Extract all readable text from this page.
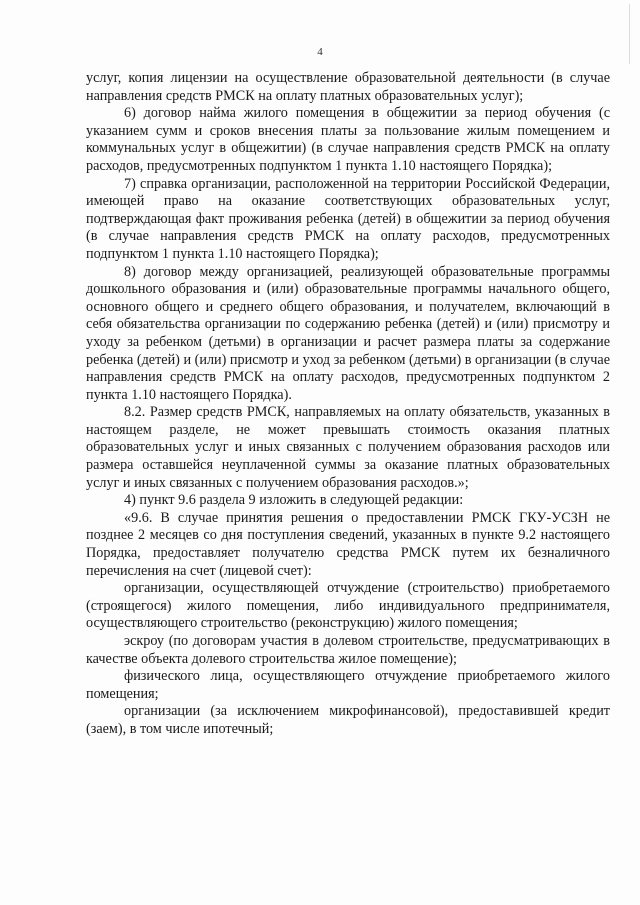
4

услуг, копия лицензии на осуществление образовательной деятельности (в случае направления средств РМСК на оплату платных образовательных услуг);

6) договор найма жилого помещения в общежитии за период обучения (с указанием сумм и сроков внесения платы за пользование жилым помещением и коммунальных услуг в общежитии) (в случае направления средств РМСК на оплату расходов, предусмотренных подпунктом 1 пункта 1.10 настоящего Порядка);

7) справка организации, расположенной на территории Российской Федерации, имеющей право на оказание соответствующих образовательных услуг, подтверждающая факт проживания ребенка (детей) в общежитии за период обучения (в случае направления средств РМСК на оплату расходов, предусмотренных подпунктом 1 пункта 1.10 настоящего Порядка);

8) договор между организацией, реализующей образовательные программы дошкольного образования и (или) образовательные программы начального общего, основного общего и среднего общего образования, и получателем, включающий в себя обязательства организации по содержанию ребенка (детей) и (или) присмотру и уходу за ребенком (детьми) в организации и расчет размера платы за содержание ребенка (детей) и (или) присмотр и уход за ребенком (детьми) в организации (в случае направления средств РМСК на оплату расходов, предусмотренных подпунктом 2 пункта 1.10 настоящего Порядка).

8.2. Размер средств РМСК, направляемых на оплату обязательств, указанных в настоящем разделе, не может превышать стоимость оказания платных образовательных услуг и иных связанных с получением образования расходов или размера оставшейся неуплаченной суммы за оказание платных образовательных услуг и иных связанных с получением образования расходов.»;

4) пункт 9.6 раздела 9 изложить в следующей редакции:

«9.6. В случае принятия решения о предоставлении РМСК ГКУ-УСЗН не позднее 2 месяцев со дня поступления сведений, указанных в пункте 9.2 настоящего Порядка, предоставляет получателю средства РМСК путем их безналичного перечисления на счет (лицевой счет):

организации, осуществляющей отчуждение (строительство) приобретаемого (строящегося) жилого помещения, либо индивидуального предпринимателя, осуществляющего строительство (реконструкцию) жилого помещения;

эскроу (по договорам участия в долевом строительстве, предусматривающих в качестве объекта долевого строительства жилое помещение);

физического лица, осуществляющего отчуждение приобретаемого жилого помещения;

организации (за исключением микрофинансовой), предоставившей кредит (заем), в том числе ипотечный;
